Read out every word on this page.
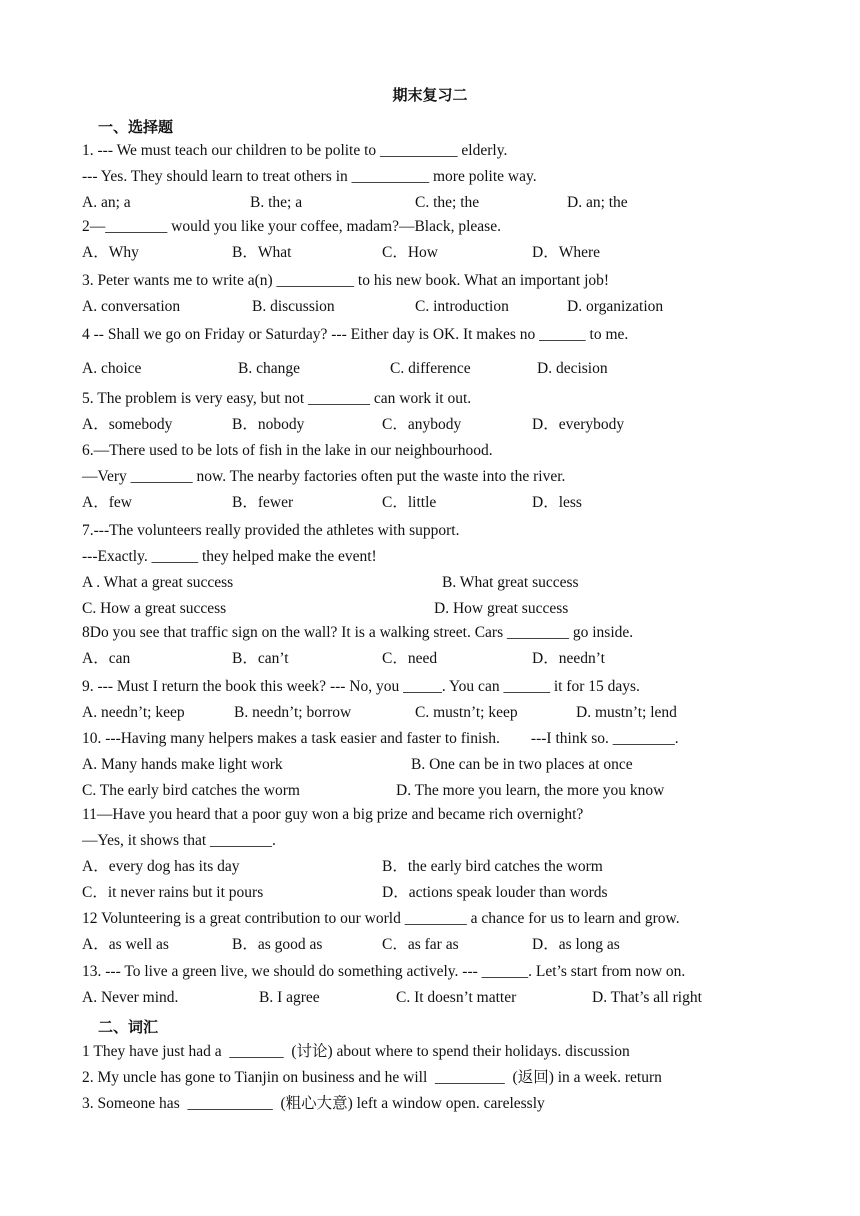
期末复习二
一、选择题
1. --- We must teach our children to be polite to __________ elderly.
--- Yes. They should learn to treat others in __________ more polite way.
A. an; a	B. the; a	C. the; the	D. an; the
2—________ would you like your coffee, madam?—Black, please.
A．Why	B．What	C．How	D．Where
3. Peter wants me to write a(n) __________ to his new book. What an important job!
A. conversation	B. discussion	C. introduction	D. organization
4 -- Shall we go on Friday or Saturday? --- Either day is OK. It makes no ______ to me.
A. choice	B. change	C. difference	D. decision
5. The problem is very easy, but not ________ can work it out.
A．somebody	B．nobody	C．anybody	D．everybody
6.—There used to be lots of fish in the lake in our neighbourhood.
—Very ________ now. The nearby factories often put the waste into the river.
A．few	B．fewer	C．little	D．less
7.---The volunteers really provided the athletes with support.
---Exactly. ______ they helped make the event!
A . What a great success	B. What great success
C. How a great success	D. How great success
8Do you see that traffic sign on the wall? It is a walking street. Cars ________ go inside.
A．can	B．can’t	C．need	D．needn’t
9. --- Must I return the book this week? --- No, you _____. You can ______ it for 15 days.
A. needn’t; keep	B. needn’t; borrow	C. mustn’t; keep	D. mustn’t; lend
10. ---Having many helpers makes a task easier and faster to finish.        ---I think so. ________.
A. Many hands make light work	B. One can be in two places at once
C. The early bird catches the worm	D. The more you learn, the more you know
11—Have you heard that a poor guy won a big prize and became rich overnight?
—Yes, it shows that ________.
A．every dog has its day	B．the early bird catches the worm
C．it never rains but it pours	D．actions speak louder than words
12 Volunteering is a great contribution to our world ________ a chance for us to learn and grow.
A．as well as	B．as good as	C．as far as	D．as long as
13. --- To live a green live, we should do something actively. --- ______. Let’s start from now on.
A. Never mind.	B. I agree	C. It doesn’t matter	D. That’s all right
二、词汇
1 They have just had a  _______  (讨论) about where to spend their holidays. discussion
2. My uncle has gone to Tianjin on business and he will  _________  (返回) in a week. return
3. Someone has  ___________  (粗心大意) left a window open. carelessly
